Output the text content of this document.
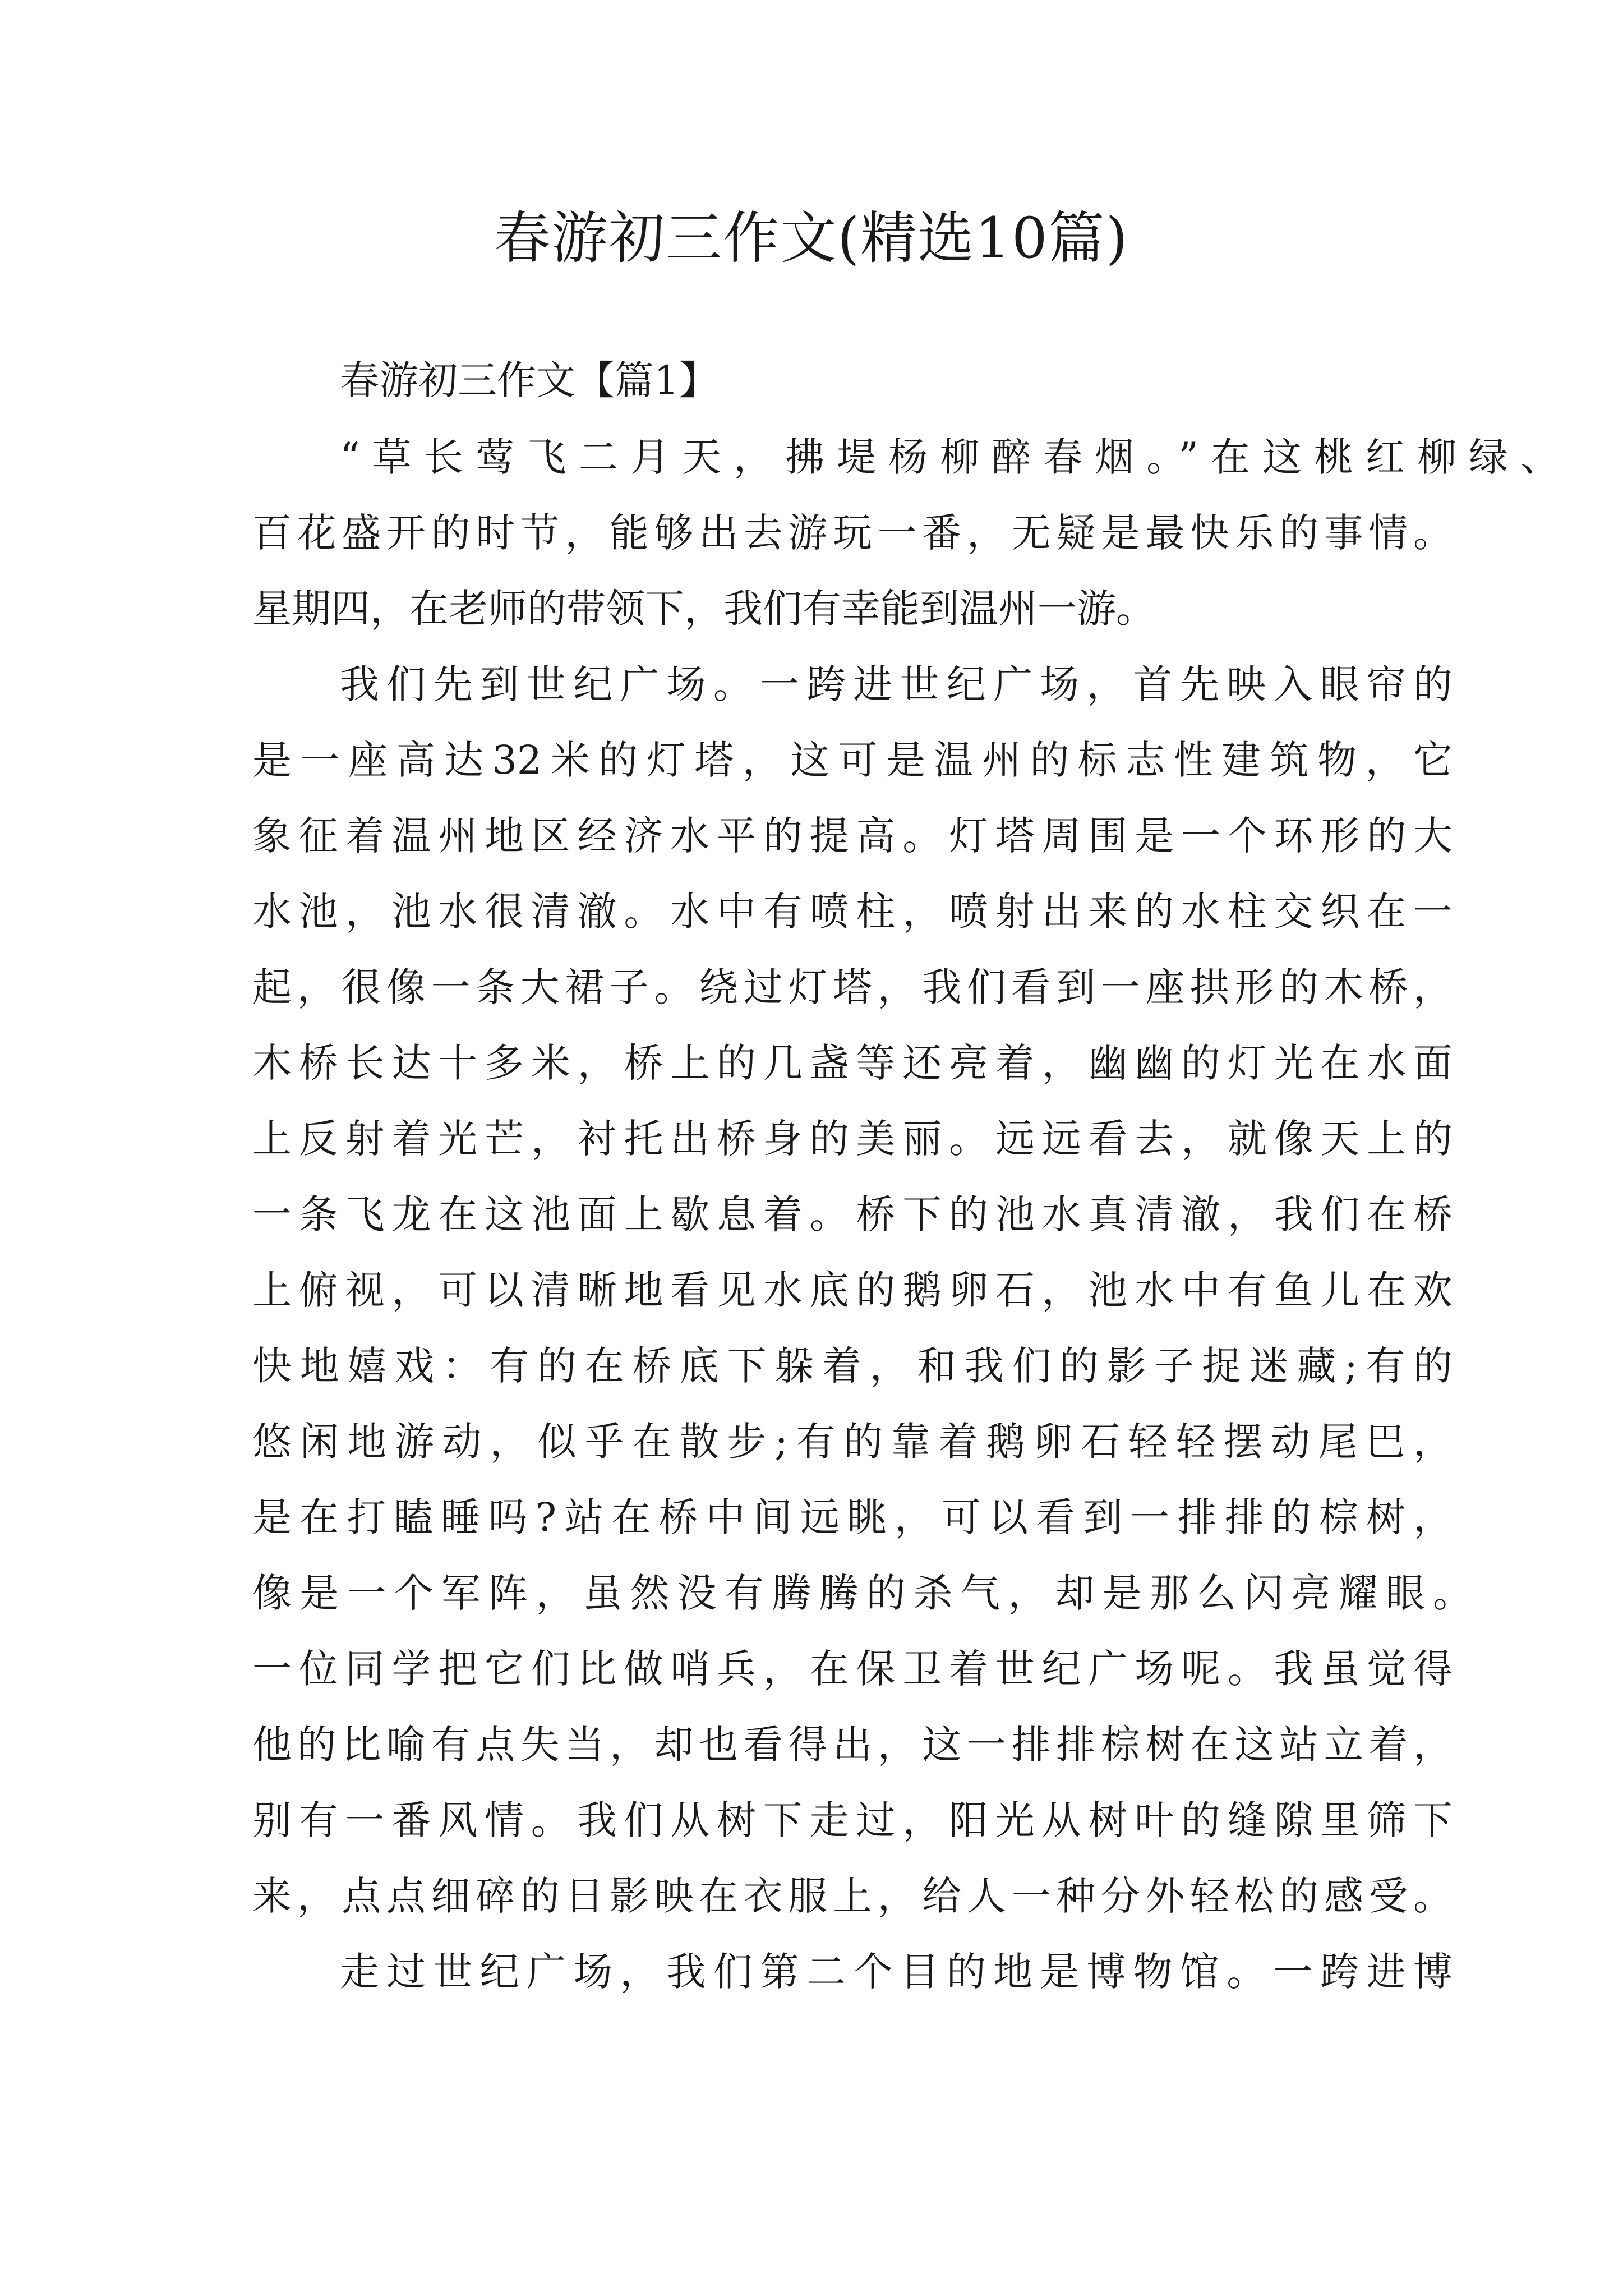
春游初三作文(精选10篇)

春游初三作文【篇1】

“草长莺飞二月天，拂堤杨柳醉春烟。”在这桃红柳绿、

百花盛开的时节，能够出去游玩一番，无疑是最快乐的事情。

星期四，在老师的带领下，我们有幸能到温州一游。

我们先到世纪广场。一跨进世纪广场，首先映入眼帘的

是一座高达32米的灯塔，这可是温州的标志性建筑物，它

象征着温州地区经济水平的提高。灯塔周围是一个环形的大

水池，池水很清澈。水中有喷柱，喷射出来的水柱交织在一

起，很像一条大裙子。绕过灯塔，我们看到一座拱形的木桥，

木桥长达十多米，桥上的几盏等还亮着，幽幽的灯光在水面

上反射着光芒，衬托出桥身的美丽。远远看去，就像天上的

一条飞龙在这池面上歇息着。桥下的池水真清澈，我们在桥

上俯视，可以清晰地看见水底的鹅卵石，池水中有鱼儿在欢

快地嬉戏：有的在桥底下躲着，和我们的影子捉迷藏;有的

悠闲地游动，似乎在散步;有的靠着鹅卵石轻轻摆动尾巴，

是在打瞌睡吗?站在桥中间远眺，可以看到一排排的棕树，

像是一个军阵，虽然没有腾腾的杀气，却是那么闪亮耀眼。

一位同学把它们比做哨兵，在保卫着世纪广场呢。我虽觉得

他的比喻有点失当，却也看得出，这一排排棕树在这站立着，

别有一番风情。我们从树下走过，阳光从树叶的缝隙里筛下

来，点点细碎的日影映在衣服上，给人一种分外轻松的感受。

走过世纪广场，我们第二个目的地是博物馆。一跨进博
